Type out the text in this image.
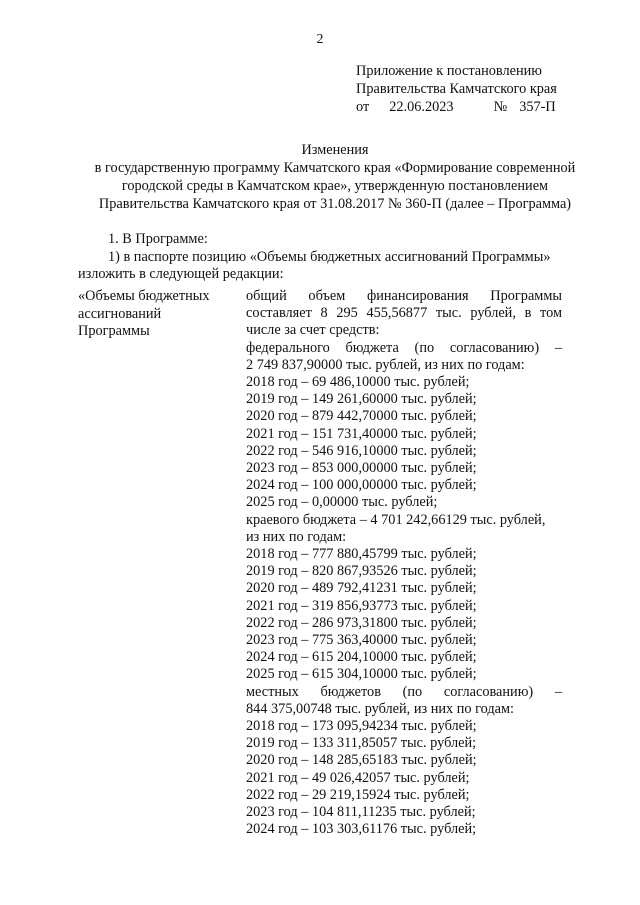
2
Приложение к постановлению
Правительства Камчатского края
от 22.06.2023	№ 357-П
Изменения
в государственную программу Камчатского края «Формирование современной
городской среды в Камчатском крае», утвержденную постановлением
Правительства Камчатского края от 31.08.2017 № 360-П (далее – Программа)
1. В Программе:
1) в паспорте позицию «Объемы бюджетных ассигнований Программы»
изложить в следующей редакции:
«Объемы бюджетных
ассигнований
Программы
общий объем финансирования Программы
составляет 8 295 455,56877 тыс. рублей, в том
числе за счет средств:
федерального бюджета (по согласованию) –
2 749 837,90000 тыс. рублей, из них по годам:
2018 год – 69 486,10000 тыс. рублей;
2019 год – 149 261,60000 тыс. рублей;
2020 год – 879 442,70000 тыс. рублей;
2021 год – 151 731,40000 тыс. рублей;
2022 год – 546 916,10000 тыс. рублей;
2023 год – 853 000,00000 тыс. рублей;
2024 год – 100 000,00000 тыс. рублей;
2025 год – 0,00000 тыс. рублей;
краевого бюджета – 4 701 242,66129 тыс. рублей,
из них по годам:
2018 год – 777 880,45799 тыс. рублей;
2019 год – 820 867,93526 тыс. рублей;
2020 год – 489 792,41231 тыс. рублей;
2021 год – 319 856,93773 тыс. рублей;
2022 год – 286 973,31800 тыс. рублей;
2023 год – 775 363,40000 тыс. рублей;
2024 год – 615 204,10000 тыс. рублей;
2025 год – 615 304,10000 тыс. рублей;
местных бюджетов (по согласованию) –
844 375,00748 тыс. рублей, из них по годам:
2018 год – 173 095,94234 тыс. рублей;
2019 год – 133 311,85057 тыс. рублей;
2020 год – 148 285,65183 тыс. рублей;
2021 год – 49 026,42057 тыс. рублей;
2022 год – 29 219,15924 тыс. рублей;
2023 год – 104 811,11235 тыс. рублей;
2024 год – 103 303,61176 тыс. рублей;
